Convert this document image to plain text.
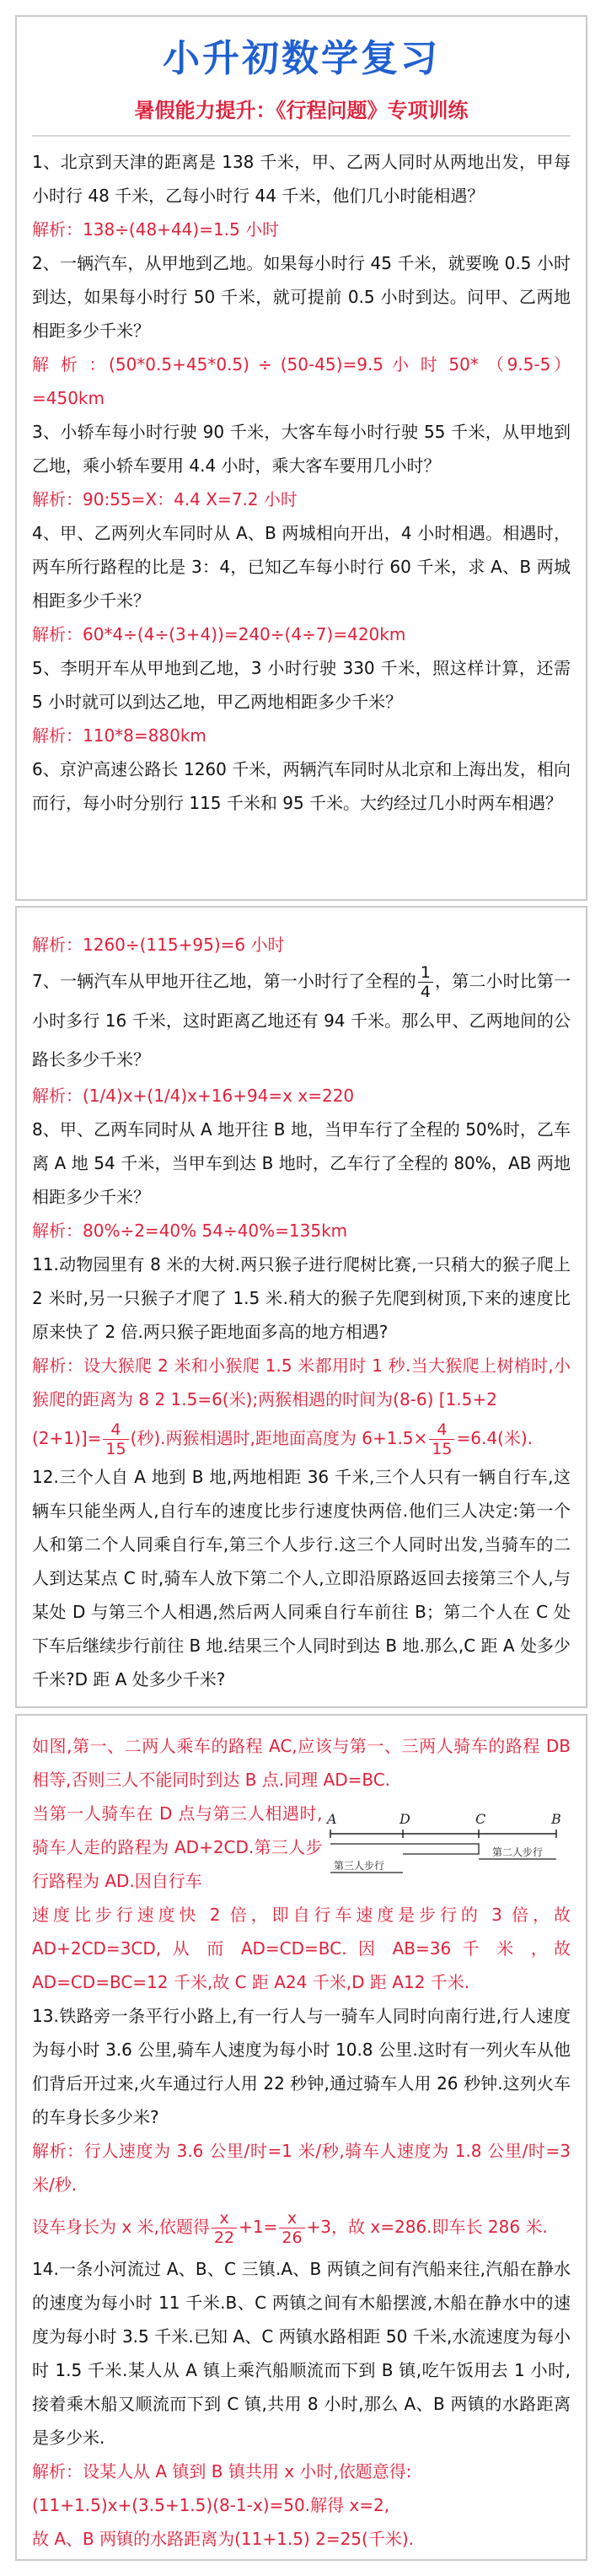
小升初数学复习
暑假能力提升：《行程问题》专项训练

1、北京到天津的距离是 138 千米，甲、乙两人同时从两地出发，甲每小时行 48 千米，乙每小时行 44 千米，他们几小时能相遇？

解析：138÷(48+44)=1.5 小时

2、一辆汽车，从甲地到乙地。如果每小时行 45 千米，就要晚 0.5 小时到达，如果每小时行 50 千米，就可提前 0.5 小时到达。问甲、乙两地相距多少千米？

解 析 ：(50*0.5+45*0.5) ÷ (50-45)=9.5 小 时 50* （9.5-5）=450km

3、小轿车每小时行驶 90 千米，大客车每小时行驶 55 千米，从甲地到乙地，乘小轿车要用 4.4 小时，乘大客车要用几小时？

解析：90:55=X：4.4 X=7.2 小时

4、甲、乙两列火车同时从 A、B 两城相向开出，4 小时相遇。相遇时，两车所行路程的比是 3：4，已知乙车每小时行 60 千米，求 A、B 两城相距多少千米？

解析：60*4÷(4÷(3+4))=240÷(4÷7)=420km

5、李明开车从甲地到乙地，3 小时行驶 330 千米，照这样计算，还需 5 小时就可以到达乙地，甲乙两地相距多少千米？

解析：110*8=880km

6、京沪高速公路长 1260 千米，两辆汽车同时从北京和上海出发，相向而行，每小时分别行 115 千米和 95 千米。大约经过几小时两车相遇？

解析：1260÷(115+95)=6 小时

7、一辆汽车从甲地开往乙地，第一小时行了全程的 $\frac{1}{4}$ ，第二小时比第一小时多行 16 千米，这时距离乙地还有 94 千米。那么甲、乙两地间的公路长多少千米？

解析：(1/4)x+(1/4)x+16+94=x x=220

8、甲、乙两车同时从 A 地开往 B 地，当甲车行了全程的 50%时，乙车离 A 地 54 千米，当甲车到达 B 地时，乙车行了全程的 80%，AB 两地相距多少千米？

解析：80%÷2=40% 54÷40%=135km

11.动物园里有 8 米的大树.两只猴子进行爬树比赛,一只稍大的猴子爬上 2 米时,另一只猴子才爬了 1.5 米.稍大的猴子先爬到树顶,下来的速度比原来快了 2 倍.两只猴子距地面多高的地方相遇?

解析：设大猴爬 2 米和小猴爬 1.5 米都用时 1 秒.当大猴爬上树梢时,小猴爬的距离为 8 2 1.5=6(米);两猴相遇的时间为(8-6) [1.5+2

$(2+1)]= \frac{4}{15}$ (秒).两猴相遇时,距地面高度为 $6+1.5\times \frac{4}{15} =6.4$(米).

12.三个人自 A 地到 B 地,两地相距 36 千米,三个人只有一辆自行车,这辆车只能坐两人,自行车的速度比步行速度快两倍.他们三人决定:第一个人和第二个人同乘自行车,第三个人步行.这三个人同时出发,当骑车的二人到达某点 C 时,骑车人放下第二个人,立即沿原路返回去接第三个人,与某处 D 与第三个人相遇,然后两人同乘自行车前往 B；第二个人在 C 处下车后继续步行前往 B 地.结果三个人同时到达 B 地.那么,C 距 A 处多少千米?D 距 A 处多少千米?

如图,第一、二两人乘车的路程 AC,应该与第一、三两人骑车的路程 DB 相等,否则三人不能同时到达 B 点.同理 AD=BC.

当第一人骑车在 D 点与第三人相遇时,骑车人走的路程为 AD+2CD.第三人步行路程为 AD.因自行车

A	D	C	B
第二人步行
第三人步行

速度比步行速度快 2 倍，即自行车速度是步行的 3 倍，故 AD+2CD=3CD, 从 而 AD=CD=BC. 因 AB=36 千 米 ，故 AD=CD=BC=12 千米,故 C 距 A24 千米,D 距 A12 千米.

13.铁路旁一条平行小路上,有一行人与一骑车人同时向南行进,行人速度为每小时 3.6 公里,骑车人速度为每小时 10.8 公里.这时有一列火车从他们背后开过来,火车通过行人用 22 秒钟,通过骑车人用 26 秒钟.这列火车的车身长多少米?

解析：行人速度为 3.6 公里/时=1 米/秒,骑车人速度为 1.8 公里/时=3 米/秒.

设车身长为 x 米,依题得 $\frac{x}{22} +1= \frac{x}{26} +3$，故 x=286.即车长 286 米.

14.一条小河流过 A、B、C 三镇.A、B 两镇之间有汽船来往,汽船在静水的速度为每小时 11 千米.B、C 两镇之间有木船摆渡,木船在静水中的速度为每小时 3.5 千米.已知 A、C 两镇水路相距 50 千米,水流速度为每小时 1.5 千米.某人从 A 镇上乘汽船顺流而下到 B 镇,吃午饭用去 1 小时,接着乘木船又顺流而下到 C 镇,共用 8 小时,那么 A、B 两镇的水路距离是多少米.

解析：设某人从 A 镇到 B 镇共用 x 小时,依题意得:

(11+1.5)x+(3.5+1.5)(8-1-x)=50.解得 x=2,

故 A、B 两镇的水路距离为(11+1.5) 2=25(千米).
